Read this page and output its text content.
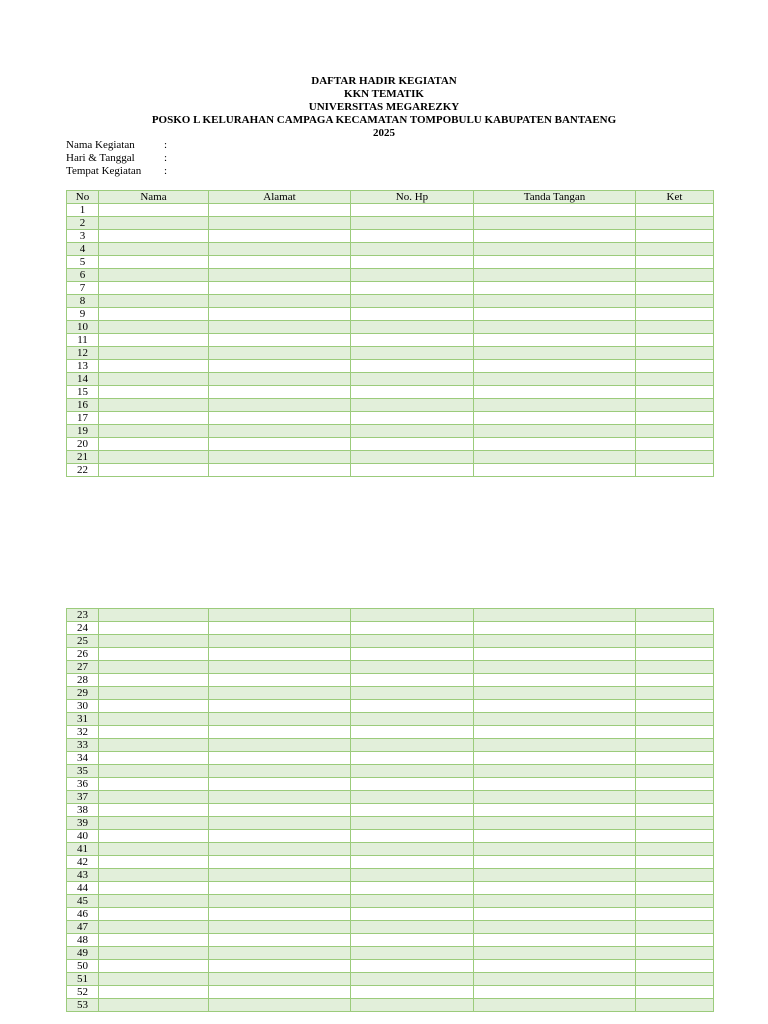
DAFTAR HADIR KEGIATAN
KKN TEMATIK
UNIVERSITAS MEGAREZKY
POSKO L KELURAHAN CAMPAGA KECAMATAN TOMPOBULU KABUPATEN BANTAENG
2025
Nama Kegiatan	:
Hari & Tanggal	:
Tempat Kegiatan	:
No	Nama	Alamat	No. Hp	Tanda Tangan	Ket
1					
2					
3					
4					
5					
6					
7					
8					
9					
10					
11					
12					
13					
14					
15					
16					
17					
19					
20					
21					
22					
23					
24					
25					
26					
27					
28					
29					
30					
31					
32					
33					
34					
35					
36					
37					
38					
39					
40					
41					
42					
43					
44					
45					
46					
47					
48					
49					
50					
51					
52					
53					
